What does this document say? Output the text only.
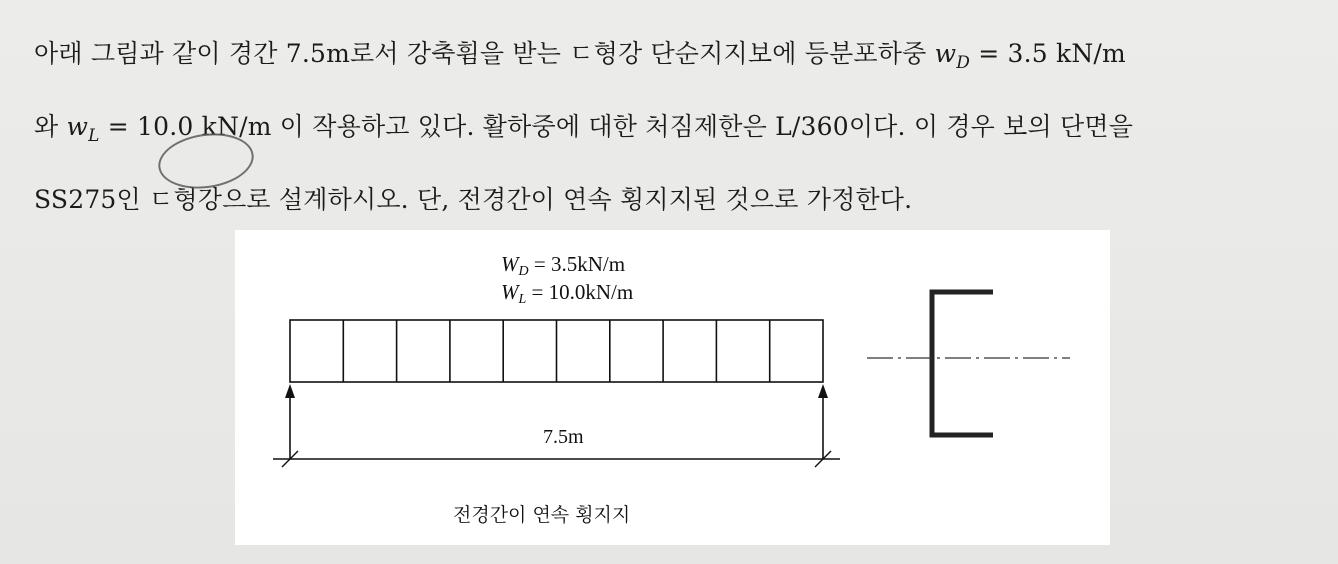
아래 그림과 같이 경간 7.5m로서 강축휨을 받는 ㄷ형강 단순지지보에 등분포하중 $w_D = 3.5$ kN/m
와 $w_L = 10.0$ kN/m 이 작용하고 있다. 활하중에 대한 처짐제한은 L/360이다. 이 경우 보의 단면을
SS275인 ㄷ형강으로 설계하시오. 단, 전경간이 연속 횡지지된 것으로 가정한다.
$W_D = 3.5kN/m$
$W_L = 10.0kN/m$
7.5m
전경간이 연속 횡지지
